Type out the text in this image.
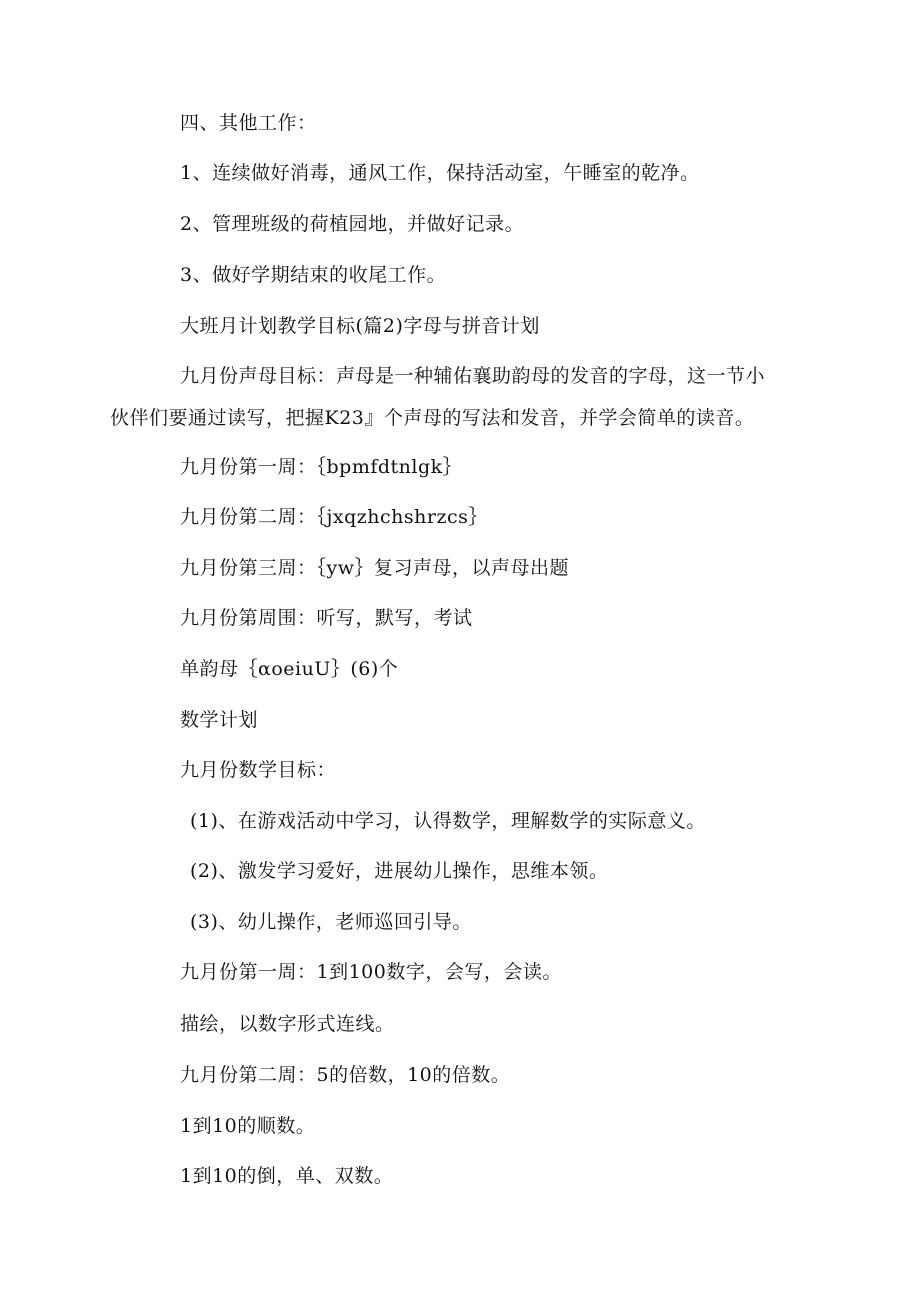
四、其他工作：
1、连续做好消毒，通风工作，保持活动室，午睡室的乾净。
2、管理班级的荷植园地，并做好记录。
3、做好学期结束的收尾工作。
大班月计划教学目标(篇2)字母与拼音计划
九月份声母目标：声母是一种辅佑襄助韵母的发音的字母，这一节小
伙伴们要通过读写，把握K23』个声母的写法和发音，并学会简单的读音。
九月份第一周：｛bpmfdtnlgk｝
九月份第二周：｛jxqzhchshrzcs｝
九月份第三周：｛yw｝复习声母，以声母出题
九月份第周围：听写，默写，考试
单韵母｛αoeiuU｝(6)个
数学计划
九月份数学目标：
(1)、在游戏活动中学习，认得数学，理解数学的实际意义。
(2)、激发学习爱好，进展幼儿操作，思维本领。
(3)、幼儿操作，老师巡回引导。
九月份第一周：1到100数字，会写，会读。
描绘，以数字形式连线。
九月份第二周：5的倍数，10的倍数。
1到10的顺数。
1到10的倒，单、双数。
